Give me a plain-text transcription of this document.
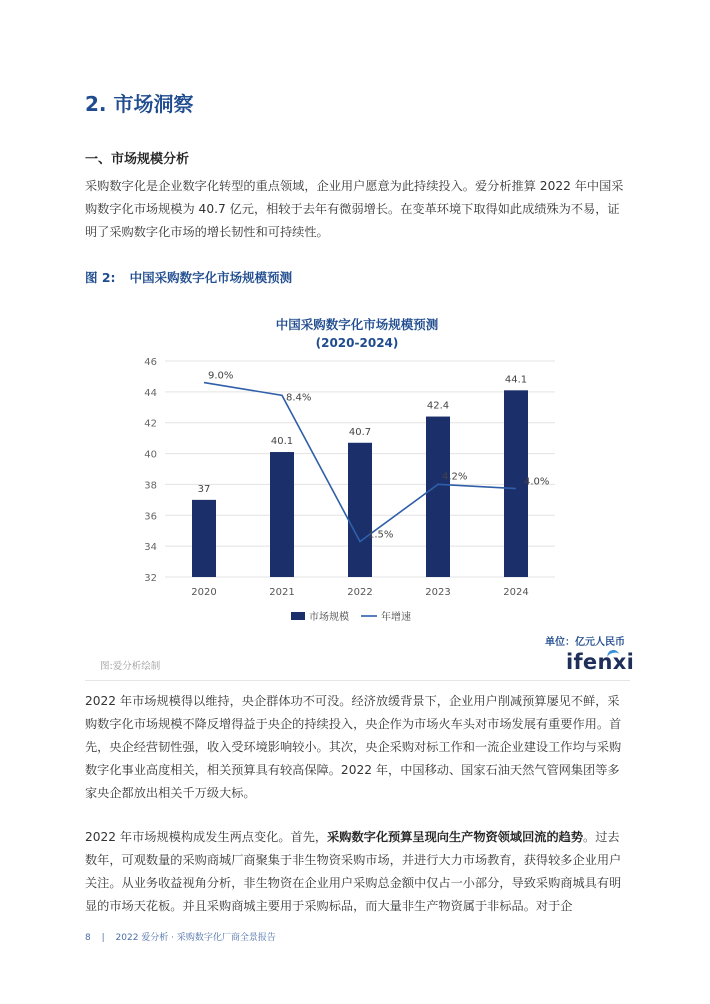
2. 市场洞察
一、市场规模分析
采购数字化是企业数字化转型的重点领域，企业用户愿意为此持续投入。爱分析推算 2022 年中国采购数字化市场规模为 40.7 亿元，相较于去年有微弱增长。在变革环境下取得如此成绩殊为不易，证明了采购数字化市场的增长韧性和可持续性。
图 2: 中国采购数字化市场规模预测
中国采购数字化市场规模预测
(2020-2024)
32
34
36
38
40
42
44
46
37
40.1
40.7
42.4
44.1
2020	2021	2022	2023	2024
9.0%
8.4%
1.5%
4.2%	4.0%
市场规模	年增速
单位：亿元人民币
图:爱分析绘制	ifenxi
2022 年市场规模得以维持，央企群体功不可没。经济放缓背景下，企业用户削减预算屡见不鲜，采购数字化市场规模不降反增得益于央企的持续投入，央企作为市场火车头对市场发展有重要作用。首先，央企经营韧性强，收入受环境影响较小。其次，央企采购对标工作和一流企业建设工作均与采购数字化事业高度相关，相关预算具有较高保障。2022 年，中国移动、国家石油天然气管网集团等多家央企都放出相关千万级大标。
2022 年市场规模构成发生两点变化。首先，采购数字化预算呈现向生产物资领域回流的趋势。过去数年，可观数量的采购商城厂商聚集于非生物资采购市场，并进行大力市场教育，获得较多企业用户关注。从业务收益视角分析，非生物资在企业用户采购总金额中仅占一小部分，导致采购商城具有明显的市场天花板。并且采购商城主要用于采购标品，而大量非生产物资属于非标品。对于企
8 | 2022 爱分析 · 采购数字化厂商全景报告
